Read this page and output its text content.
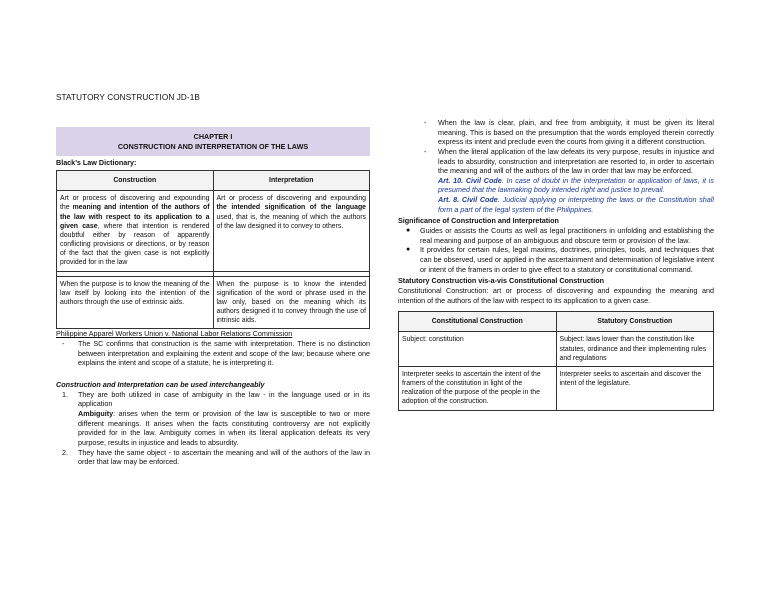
STATUTORY CONSTRUCTION JD-1B
CHAPTER I
CONSTRUCTION AND INTERPRETATION OF THE LAWS
Black’s Law Dictionary:
Construction	Interpretation
Art or process of discovering and expounding the meaning and intention of the authors of the law with respect to its application to a given case, where that intention is rendered doubtful either by reason of apparently conflicting provisions or directions, or by reason of the fact that the given case is not explicitly provided for in the law	Art or process of discovering and expounding the intended signification of the language used, that is, the meaning of which the authors of the law designed it to convey to others.

When the purpose is to know the meaning of the law itself by looking into the intention of the authors through the use of extrinsic aids.	When the purpose is to know the intended signification of the word or phrase used in the law only, based on the meaning which its authors designed it to convey through the use of intrinsic aids.
Philippine Apparel Workers Union v. National Labor Relations Commission
- The SC confirms that construction is the same with interpretation. There is no distinction between interpretation and explaining the extent and scope of the law; because where one explains the intent and scope of a statute, he is interpreting it.
Construction and Interpretation can be used interchangeably
1. They are both utilized in case of ambiguity in the law - in the language used or in its application
Ambiguity: arises when the term or provision of the law is susceptible to two or more different meanings. It arises when the facts constituting controversy are not explicitly provided for in the law. Ambiguity comes in when its literal application defeats its very purpose, results in injustice and leads to absurdity.
2. They have the same object - to ascertain the meaning and will of the authors of the law in order that law may be enforced.
- When the law is clear, plain, and free from ambiguity, it must be given its literal meaning. This is based on the presumption that the words employed therein correctly express its intent and preclude even the courts from giving it a different construction.
- When the literal application of the law defeats its very purpose, results in injustice and leads to absurdity, construction and interpretation are resorted to, in order to ascertain the meaning and will of the authors of the law in order that law may be enforced.
Art. 10. Civil Code. In case of doubt in the interpretation or application of laws, it is presumed that the lawmaking body intended right and justice to prevail.
Art. 8. Civil Code. Judicial applying or interpreting the laws or the Constitution shall form a part of the legal system of the Philippines.
Significance of Construction and Interpretation
● Guides or assists the Courts as well as legal practitioners in unfolding and establishing the real meaning and purpose of an ambiguous and obscure term or provision of the law.
● It provides for certain rules, legal maxims, doctrines, principles, tools, and techniques that can be observed, used or applied in the ascertainment and determination of legislative intent or intent of the framers in order to give effect to a statutory or constitutional command.
Statutory Construction vis-a-vis Constitutional Construction
Constitutional Construction: art or process of discovering and expounding the meaning and intention of the authors of the law with respect to its application to a given case.
Constitutional Construction	Statutory Construction
Subject: constitution	Subject: laws lower than the constitution like statutes, ordinance and their implementing rules and regulations
Interpreter seeks to ascertain the intent of the framers of the constitution in light of the realization of the purpose of the people in the adoption of the construction.	Interpreter seeks to ascertain and discover the intent of the legislature.
